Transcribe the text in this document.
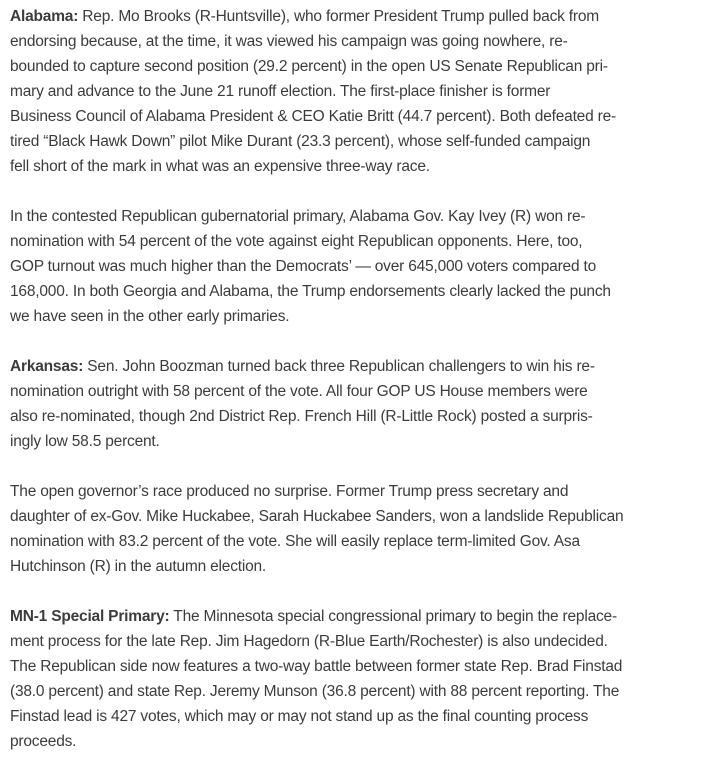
Alabama: Rep. Mo Brooks (R-Huntsville), who former President Trump pulled back from
endorsing because, at the time, it was viewed his campaign was going nowhere, re-
bounded to capture second position (29.2 percent) in the open US Senate Republican pri-
mary and advance to the June 21 runoff election. The first-place finisher is former
Business Council of Alabama President & CEO Katie Britt (44.7 percent). Both defeated re-
tired “Black Hawk Down” pilot Mike Durant (23.3 percent), whose self-funded campaign
fell short of the mark in what was an expensive three-way race.
In the contested Republican gubernatorial primary, Alabama Gov. Kay Ivey (R) won re-
nomination with 54 percent of the vote against eight Republican opponents. Here, too,
GOP turnout was much higher than the Democrats’ — over 645,000 voters compared to
168,000. In both Georgia and Alabama, the Trump endorsements clearly lacked the punch
we have seen in the other early primaries.
Arkansas: Sen. John Boozman turned back three Republican challengers to win his re-
nomination outright with 58 percent of the vote. All four GOP US House members were
also re-nominated, though 2nd District Rep. French Hill (R-Little Rock) posted a surpris-
ingly low 58.5 percent.
The open governor’s race produced no surprise. Former Trump press secretary and
daughter of ex-Gov. Mike Huckabee, Sarah Huckabee Sanders, won a landslide Republican
nomination with 83.2 percent of the vote. She will easily replace term-limited Gov. Asa
Hutchinson (R) in the autumn election.
MN-1 Special Primary: The Minnesota special congressional primary to begin the replace-
ment process for the late Rep. Jim Hagedorn (R-Blue Earth/Rochester) is also undecided.
The Republican side now features a two-way battle between former state Rep. Brad Finstad
(38.0 percent) and state Rep. Jeremy Munson (36.8 percent) with 88 percent reporting. The
Finstad lead is 427 votes, which may or may not stand up as the final counting process
proceeds.
